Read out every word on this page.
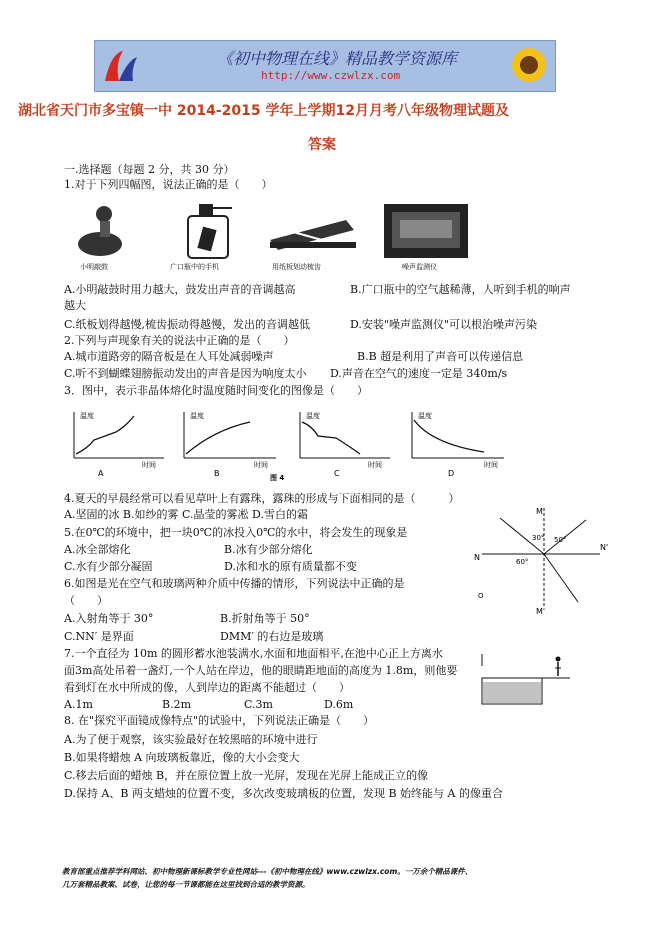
《初中物理在线》精品教学资源库
http://www.czwlzx.com
湖北省天门市多宝镇一中 2014-2015 学年上学期12月月考八年级物理试题及
答案
一.选择题（每题 2 分，共 30 分）
1.对于下列四幅图，说法正确的是（　　）
小明敲鼓	广口瓶中的手机	用纸板划动梳齿	噪声监测仪
A.小明敲鼓时用力越大，鼓发出声音的音调越高	B.广口瓶中的空气越稀薄，人听到手机的响声
越大
C.纸板划得越慢,梳齿振动得越慢，发出的音调越低	D.安装"噪声监测仪"可以根治噪声污染
2.下列与声现象有关的说法中正确的是（　　）
A.城市道路旁的隔音板是在人耳处减弱噪声	B.B 超是利用了声音可以传递信息
C.听不到蝴蝶翅膀振动发出的声音是因为响度太小 D.声音在空气的速度一定是 340m/s
3．图中，表示非晶体熔化时温度随时间变化的图像是（　　）
温度
时间
A
温度
时间
B
温度
时间
C
温度
时间
D
图 4
4.夏天的早晨经常可以看见草叶上有露珠，露珠的形成与下面相同的是（　　　）
A.坚固的冰 B.如纱的雾 C.晶莹的雾凇 D.雪白的霜
5.在0℃的环境中，把一块0℃的冰投入0℃的水中，将会发生的现象是
A.冰全部熔化	B.冰有少部分熔化
C.水有少部分凝固	D.冰和水的原有质量都不变
M
M'
N
N'
30° 50°
60°
O
6.如图是光在空气和玻璃两种介质中传播的情形，下列说法中正确的是
（　　）
A.入射角等于 30°	B.折射角等于 50°
C.NN′ 是界面	DMM′ 的右边是玻璃
7.一个直径为 10m 的圆形蓄水池装满水,水面和地面相平,在池中心正上方离水
面3m高处吊着一盏灯,一个人站在岸边，他的眼睛距地面的高度为 1.8m，则他要
看到灯在水中所成的像，人到岸边的距离不能超过（　　）
A.1m	B.2m	C.3m	D.6m
8. 在"探究平面镜成像特点"的试验中，下列说法正确是（　　）
A.为了便于观察，该实验最好在较黑暗的环境中进行
B.如果将蜡烛 A 向玻璃板靠近，像的大小会变大
C.移去后面的蜡烛 B，并在原位置上放一光屏，发现在光屏上能成正立的像
D.保持 A、B 两支蜡烛的位置不变，多次改变玻璃板的位置，发现 B 始终能与 A 的像重合
教育部重点推荐学科网站、初中物理新课标教学专业性网站---《初中物理在线》www.czwlzx.com。一万余个精品课件、
几万套精品教案、试卷，让您的每一节课都能在这里找到合适的教学资源。
